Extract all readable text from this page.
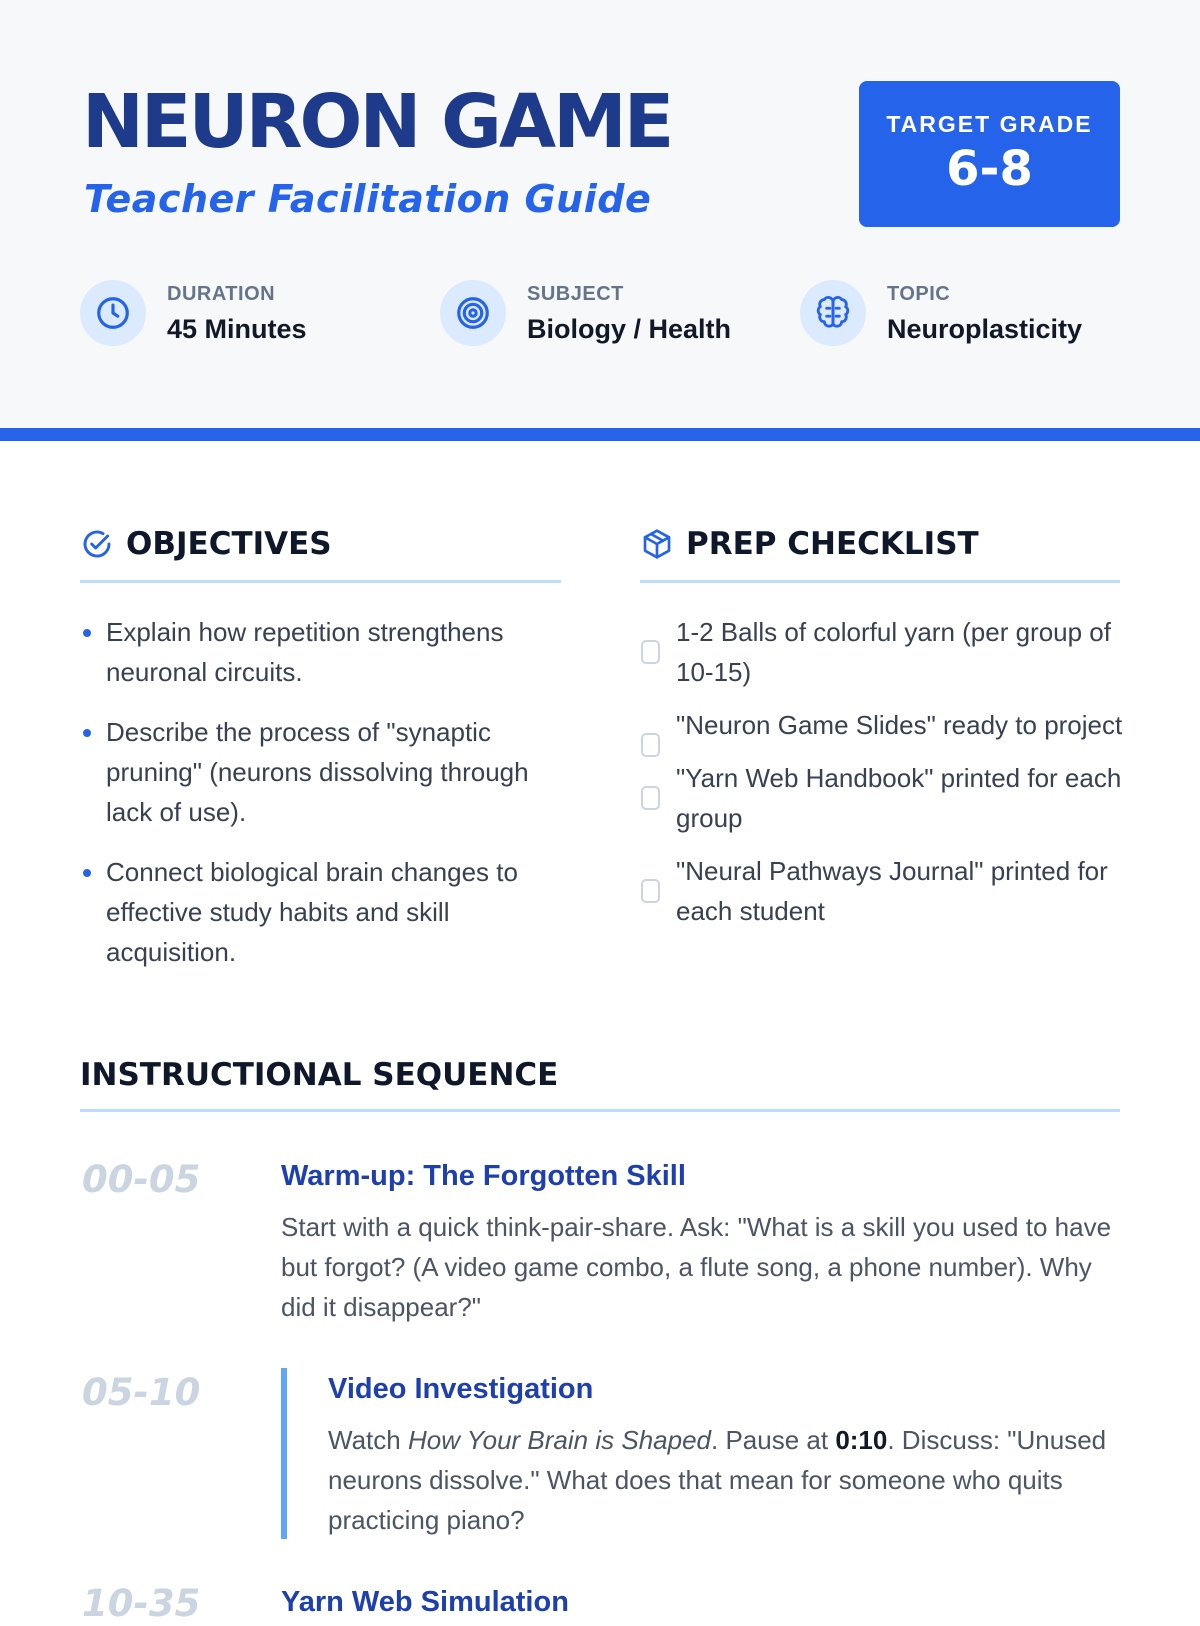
NEURON GAME
Teacher Facilitation Guide
TARGET GRADE
6-8
DURATION
45 Minutes
SUBJECT
Biology / Health
TOPIC
Neuroplasticity
OBJECTIVES
Explain how repetition strengthens neuronal circuits.
Describe the process of "synaptic pruning" (neurons dissolving through lack of use).
Connect biological brain changes to effective study habits and skill acquisition.
PREP CHECKLIST
1-2 Balls of colorful yarn (per group of 10-15)
"Neuron Game Slides" ready to project
"Yarn Web Handbook" printed for each group
"Neural Pathways Journal" printed for each student
INSTRUCTIONAL SEQUENCE
00-05	Warm-up: The Forgotten Skill
Start with a quick think-pair-share. Ask: "What is a skill you used to have but forgot? (A video game combo, a flute song, a phone number). Why did it disappear?"
05-10	Video Investigation
Watch How Your Brain is Shaped. Pause at 0:10. Discuss: "Unused neurons dissolve." What does that mean for someone who quits practicing piano?
10-35	Yarn Web Simulation
